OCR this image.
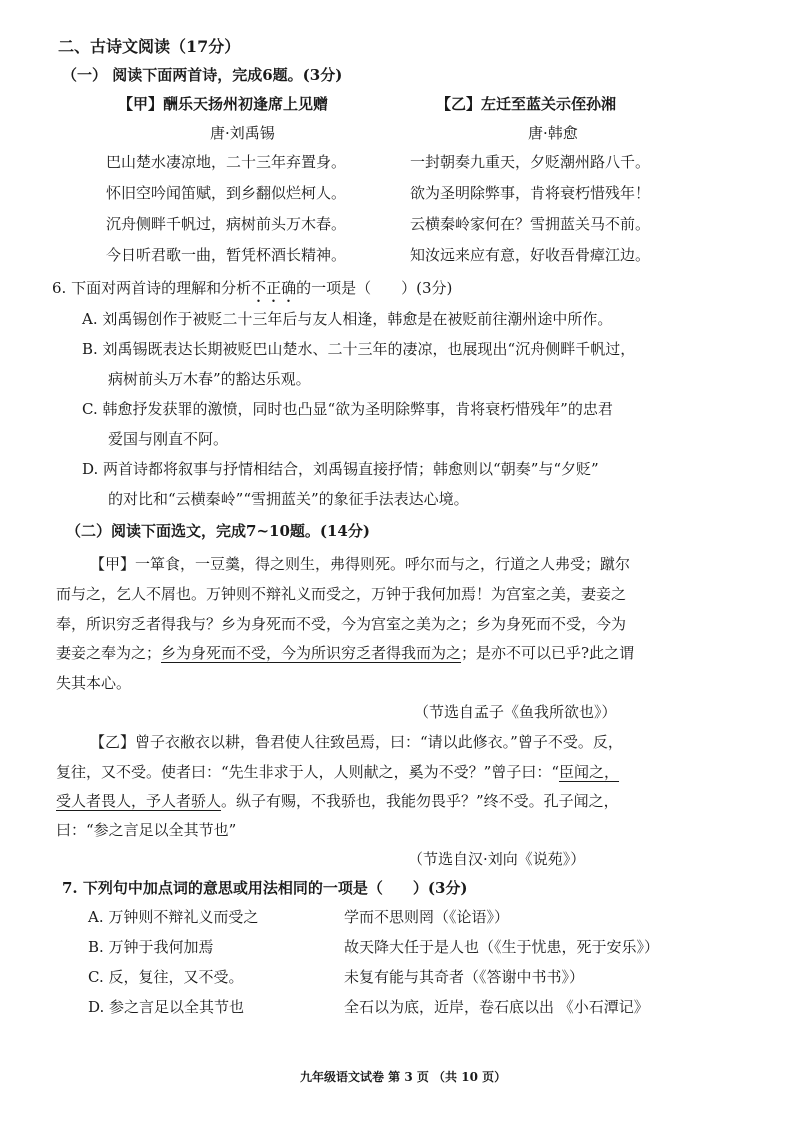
二、古诗文阅读（17分）
（一） 阅读下面两首诗，完成6题。(3分)
【甲】酬乐天扬州初逢席上见赠
唐·刘禹锡
巴山楚水凄凉地，二十三年弃置身。
怀旧空吟闻笛赋，到乡翻似烂柯人。
沉舟侧畔千帆过，病树前头万木春。
今日听君歌一曲，暂凭杯酒长精神。
【乙】左迁至蓝关示侄孙湘
唐·韩愈
一封朝奏九重天，夕贬潮州路八千。
欲为圣明除弊事，肯将衰朽惜残年！
云横秦岭家何在？雪拥蓝关马不前。
知汝远来应有意，好收吾骨瘴江边。
6. 下面对两首诗的理解和分析不正确的一项是（　　）(3分)
A. 刘禹锡创作于被贬二十三年后与友人相逢，韩愈是在被贬前往潮州途中所作。
B. 刘禹锡既表达长期被贬巴山楚水、二十三年的凄凉，也展现出“沉舟侧畔千帆过，
病树前头万木春”的豁达乐观。
C. 韩愈抒发获罪的激愤，同时也凸显“欲为圣明除弊事，肯将衰朽惜残年”的忠君
爱国与刚直不阿。
D. 两首诗都将叙事与抒情相结合，刘禹锡直接抒情；韩愈则以“朝奏”与“夕贬”
的对比和“云横秦岭”“雪拥蓝关”的象征手法表达心境。
（二）阅读下面选文，完成7~10题。(14分)
【甲】一箪食，一豆羹，得之则生，弗得则死。呼尔而与之，行道之人弗受；蹴尔
而与之，乞人不屑也。万钟则不辩礼义而受之，万钟于我何加焉！为宫室之美，妻妾之
奉，所识穷乏者得我与？乡为身死而不受，今为宫室之美为之；乡为身死而不受，今为
妻妾之奉为之；乡为身死而不受，今为所识穷乏者得我而为之；是亦不可以已乎?此之谓
失其本心。
（节选自孟子《鱼我所欲也》）
【乙】曾子衣敝衣以耕，鲁君使人往致邑焉，曰：“请以此修衣。”曾子不受。反，
复往，又不受。使者曰：“先生非求于人，人则献之，奚为不受？”曾子曰：“臣闻之，
受人者畏人，予人者骄人。纵子有赐，不我骄也，我能勿畏乎？”终不受。孔子闻之，
曰：“参之言足以全其节也”
（节选自汉·刘向《说苑》）
7. 下列句中加点词的意思或用法相同的一项是（　　）(3分)
A. 万钟则不辩礼义而受之	学而不思则罔（《论语》）
B. 万钟于我何加焉	故天降大任于是人也（《生于忧患，死于安乐》）
C. 反，复往，又不受。	未复有能与其奇者（《答谢中书书》）
D. 参之言足以全其节也	全石以为底，近岸，卷石底以出 《小石潭记》
九年级语文试卷 第 3 页 （共 10 页）
